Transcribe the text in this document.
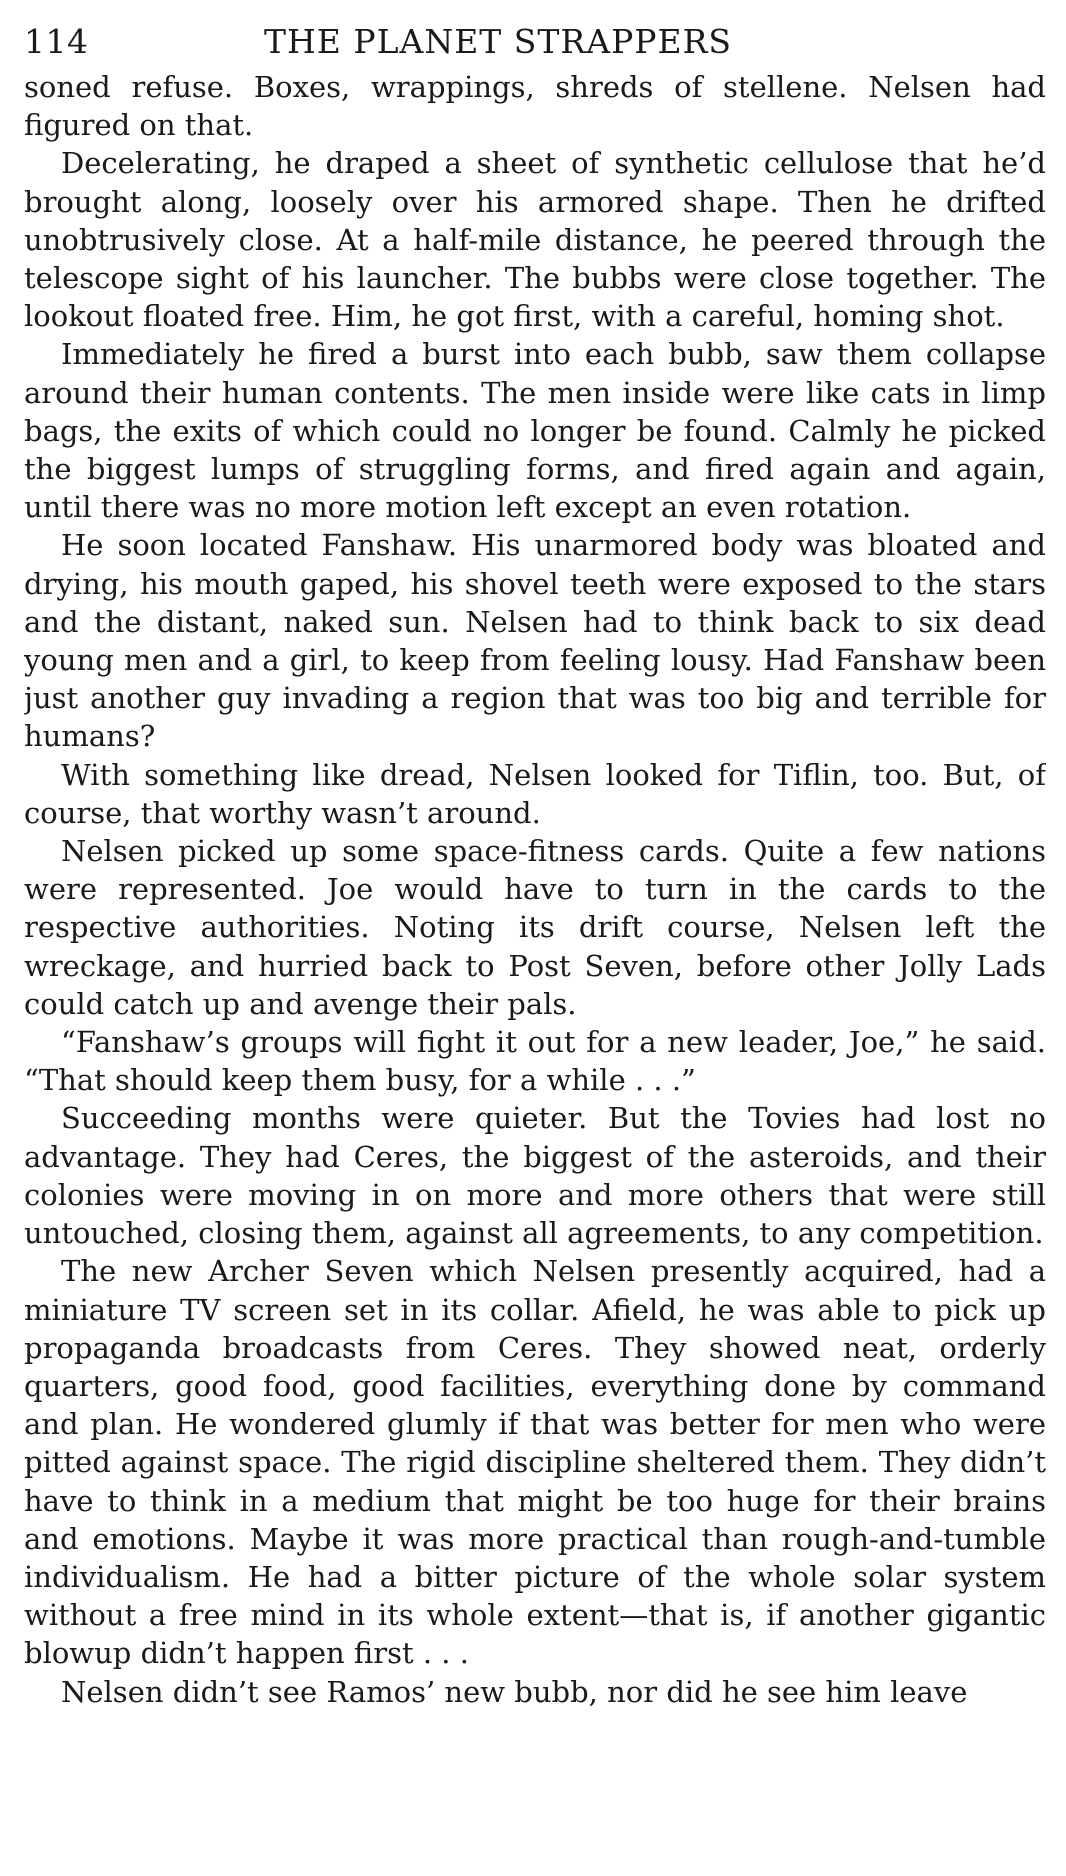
114	THE PLANET STRAPPERS

soned refuse. Boxes, wrappings, shreds of stellene. Nelsen had figured on that.

Decelerating, he draped a sheet of synthetic cellulose that he’d brought along, loosely over his armored shape. Then he drifted unobtrusively close. At a half-mile distance, he peered through the telescope sight of his launcher. The bubbs were close together. The lookout floated free. Him, he got first, with a careful, homing shot.

Immediately he fired a burst into each bubb, saw them collapse around their human contents. The men inside were like cats in limp bags, the exits of which could no longer be found. Calmly he picked the biggest lumps of struggling forms, and fired again and again, until there was no more motion left except an even rotation.

He soon located Fanshaw. His unarmored body was bloated and drying, his mouth gaped, his shovel teeth were exposed to the stars and the distant, naked sun. Nelsen had to think back to six dead young men and a girl, to keep from feeling lousy. Had Fanshaw been just another guy invading a region that was too big and terrible for humans?

With something like dread, Nelsen looked for Tiflin, too. But, of course, that worthy wasn’t around.

Nelsen picked up some space-fitness cards. Quite a few nations were represented. Joe would have to turn in the cards to the respective authorities. Noting its drift course, Nelsen left the wreckage, and hurried back to Post Seven, before other Jolly Lads could catch up and avenge their pals.

“Fanshaw’s groups will fight it out for a new leader, Joe,” he said. “That should keep them busy, for a while . . .”

Succeeding months were quieter. But the Tovies had lost no advantage. They had Ceres, the biggest of the asteroids, and their colonies were moving in on more and more others that were still untouched, closing them, against all agreements, to any competition.

The new Archer Seven which Nelsen presently acquired, had a miniature TV screen set in its collar. Afield, he was able to pick up propaganda broadcasts from Ceres. They showed neat, orderly quarters, good food, good facilities, everything done by command and plan. He wondered glumly if that was better for men who were pitted against space. The rigid discipline sheltered them. They didn’t have to think in a medium that might be too huge for their brains and emotions. Maybe it was more practical than rough-and-tumble individualism. He had a bitter picture of the whole solar system without a free mind in its whole extent—that is, if another gigantic blowup didn’t happen first . . .

Nelsen didn’t see Ramos’ new bubb, nor did he see him leave
